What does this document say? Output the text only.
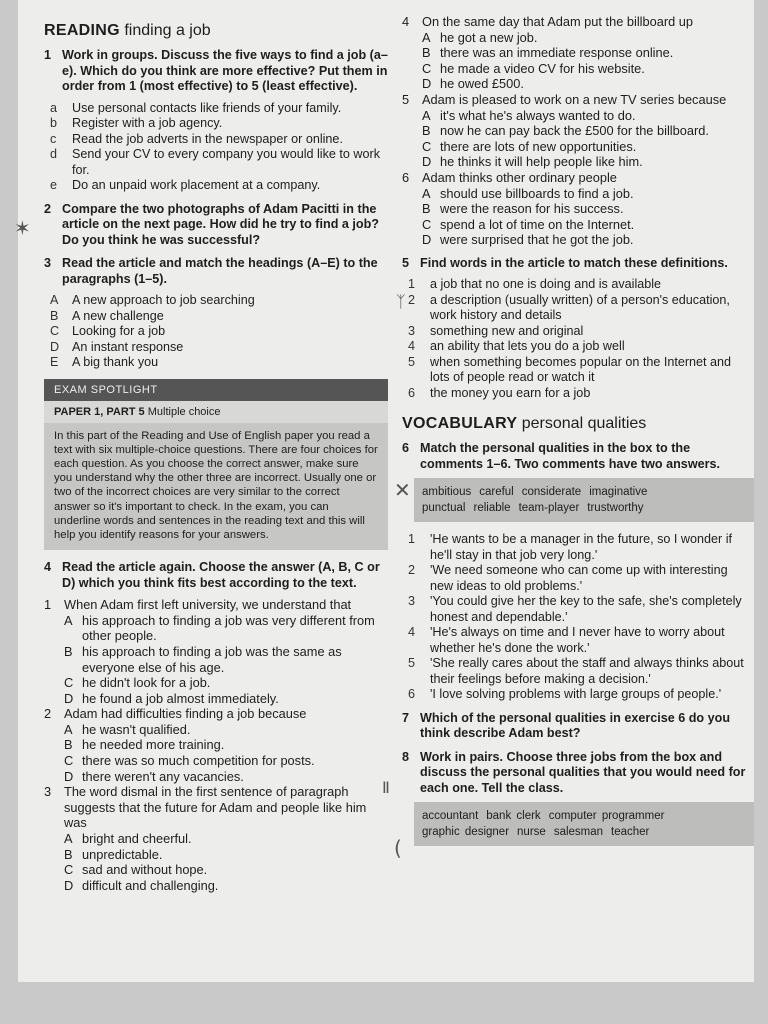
READING finding a job
1 Work in groups. Discuss the five ways to find a job (a–e). Which do you think are more effective? Put them in order from 1 (most effective) to 5 (least effective).
a	Use personal contacts like friends of your family.
b	Register with a job agency.
c	Read the job adverts in the newspaper or online.
d	Send your CV to every company you would like to work for.
e	Do an unpaid work placement at a company.
2 Compare the two photographs of Adam Pacitti in the article on the next page. How did he try to find a job? Do you think he was successful?
3 Read the article and match the headings (A–E) to the paragraphs (1–5).
A	A new approach to job searching
B	A new challenge
C	Looking for a job
D	An instant response
E	A big thank you
EXAM SPOTLIGHT
PAPER 1, PART 5 Multiple choice
In this part of the Reading and Use of English paper you read a text with six multiple-choice questions. There are four choices for each question. As you choose the correct answer, make sure you understand why the other three are incorrect. Usually one or two of the incorrect choices are very similar to the correct answer so it's important to check. In the exam, you can underline words and sentences in the reading text and this will help you identify reasons for your answers.
4 Read the article again. Choose the answer (A, B, C or D) which you think fits best according to the text.
1	When Adam first left university, we understand that
A his approach to finding a job was very different from other people.
B his approach to finding a job was the same as everyone else of his age.
C he didn't look for a job.
D he found a job almost immediately.
2	Adam had difficulties finding a job because
A he wasn't qualified.
B he needed more training.
C there was so much competition for posts.
D there weren't any vacancies.
3	The word dismal in the first sentence of paragraph suggests that the future for Adam and people like him was
A bright and cheerful.
B unpredictable.
C sad and without hope.
D difficult and challenging.
4	On the same day that Adam put the billboard up
A he got a new job.
B there was an immediate response online.
C he made a video CV for his website.
D he owed £500.
5	Adam is pleased to work on a new TV series because
A it's what he's always wanted to do.
B now he can pay back the £500 for the billboard.
C there are lots of new opportunities.
D he thinks it will help people like him.
6	Adam thinks other ordinary people
A should use billboards to find a job.
B were the reason for his success.
C spend a lot of time on the Internet.
D were surprised that he got the job.
5 Find words in the article to match these definitions.
1	a job that no one is doing and is available
2	a description (usually written) of a person's education, work history and details
3	something new and original
4	an ability that lets you do a job well
5	when something becomes popular on the Internet and lots of people read or watch it
6	the money you earn for a job
VOCABULARY personal qualities
6 Match the personal qualities in the box to the comments 1–6. Two comments have two answers.
ambitious careful considerate imaginative
punctual reliable team-player trustworthy
1	'He wants to be a manager in the future, so I wonder if he'll stay in that job very long.'
2	'We need someone who can come up with interesting new ideas to old problems.'
3	'You could give her the key to the safe, she's completely honest and dependable.'
4	'He's always on time and I never have to worry about whether he's done the work.'
5	'She really cares about the staff and always thinks about their feelings before making a decision.'
6	'I love solving problems with large groups of people.'
7 Which of the personal qualities in exercise 6 do you think describe Adam best?
8 Work in pairs. Choose three jobs from the box and discuss the personal qualities that you would need for each one. Tell the class.
accountant bank clerk computer programmer
graphic designer nurse salesman teacher
✶
ᛉ
✕
Ⅱ
(
